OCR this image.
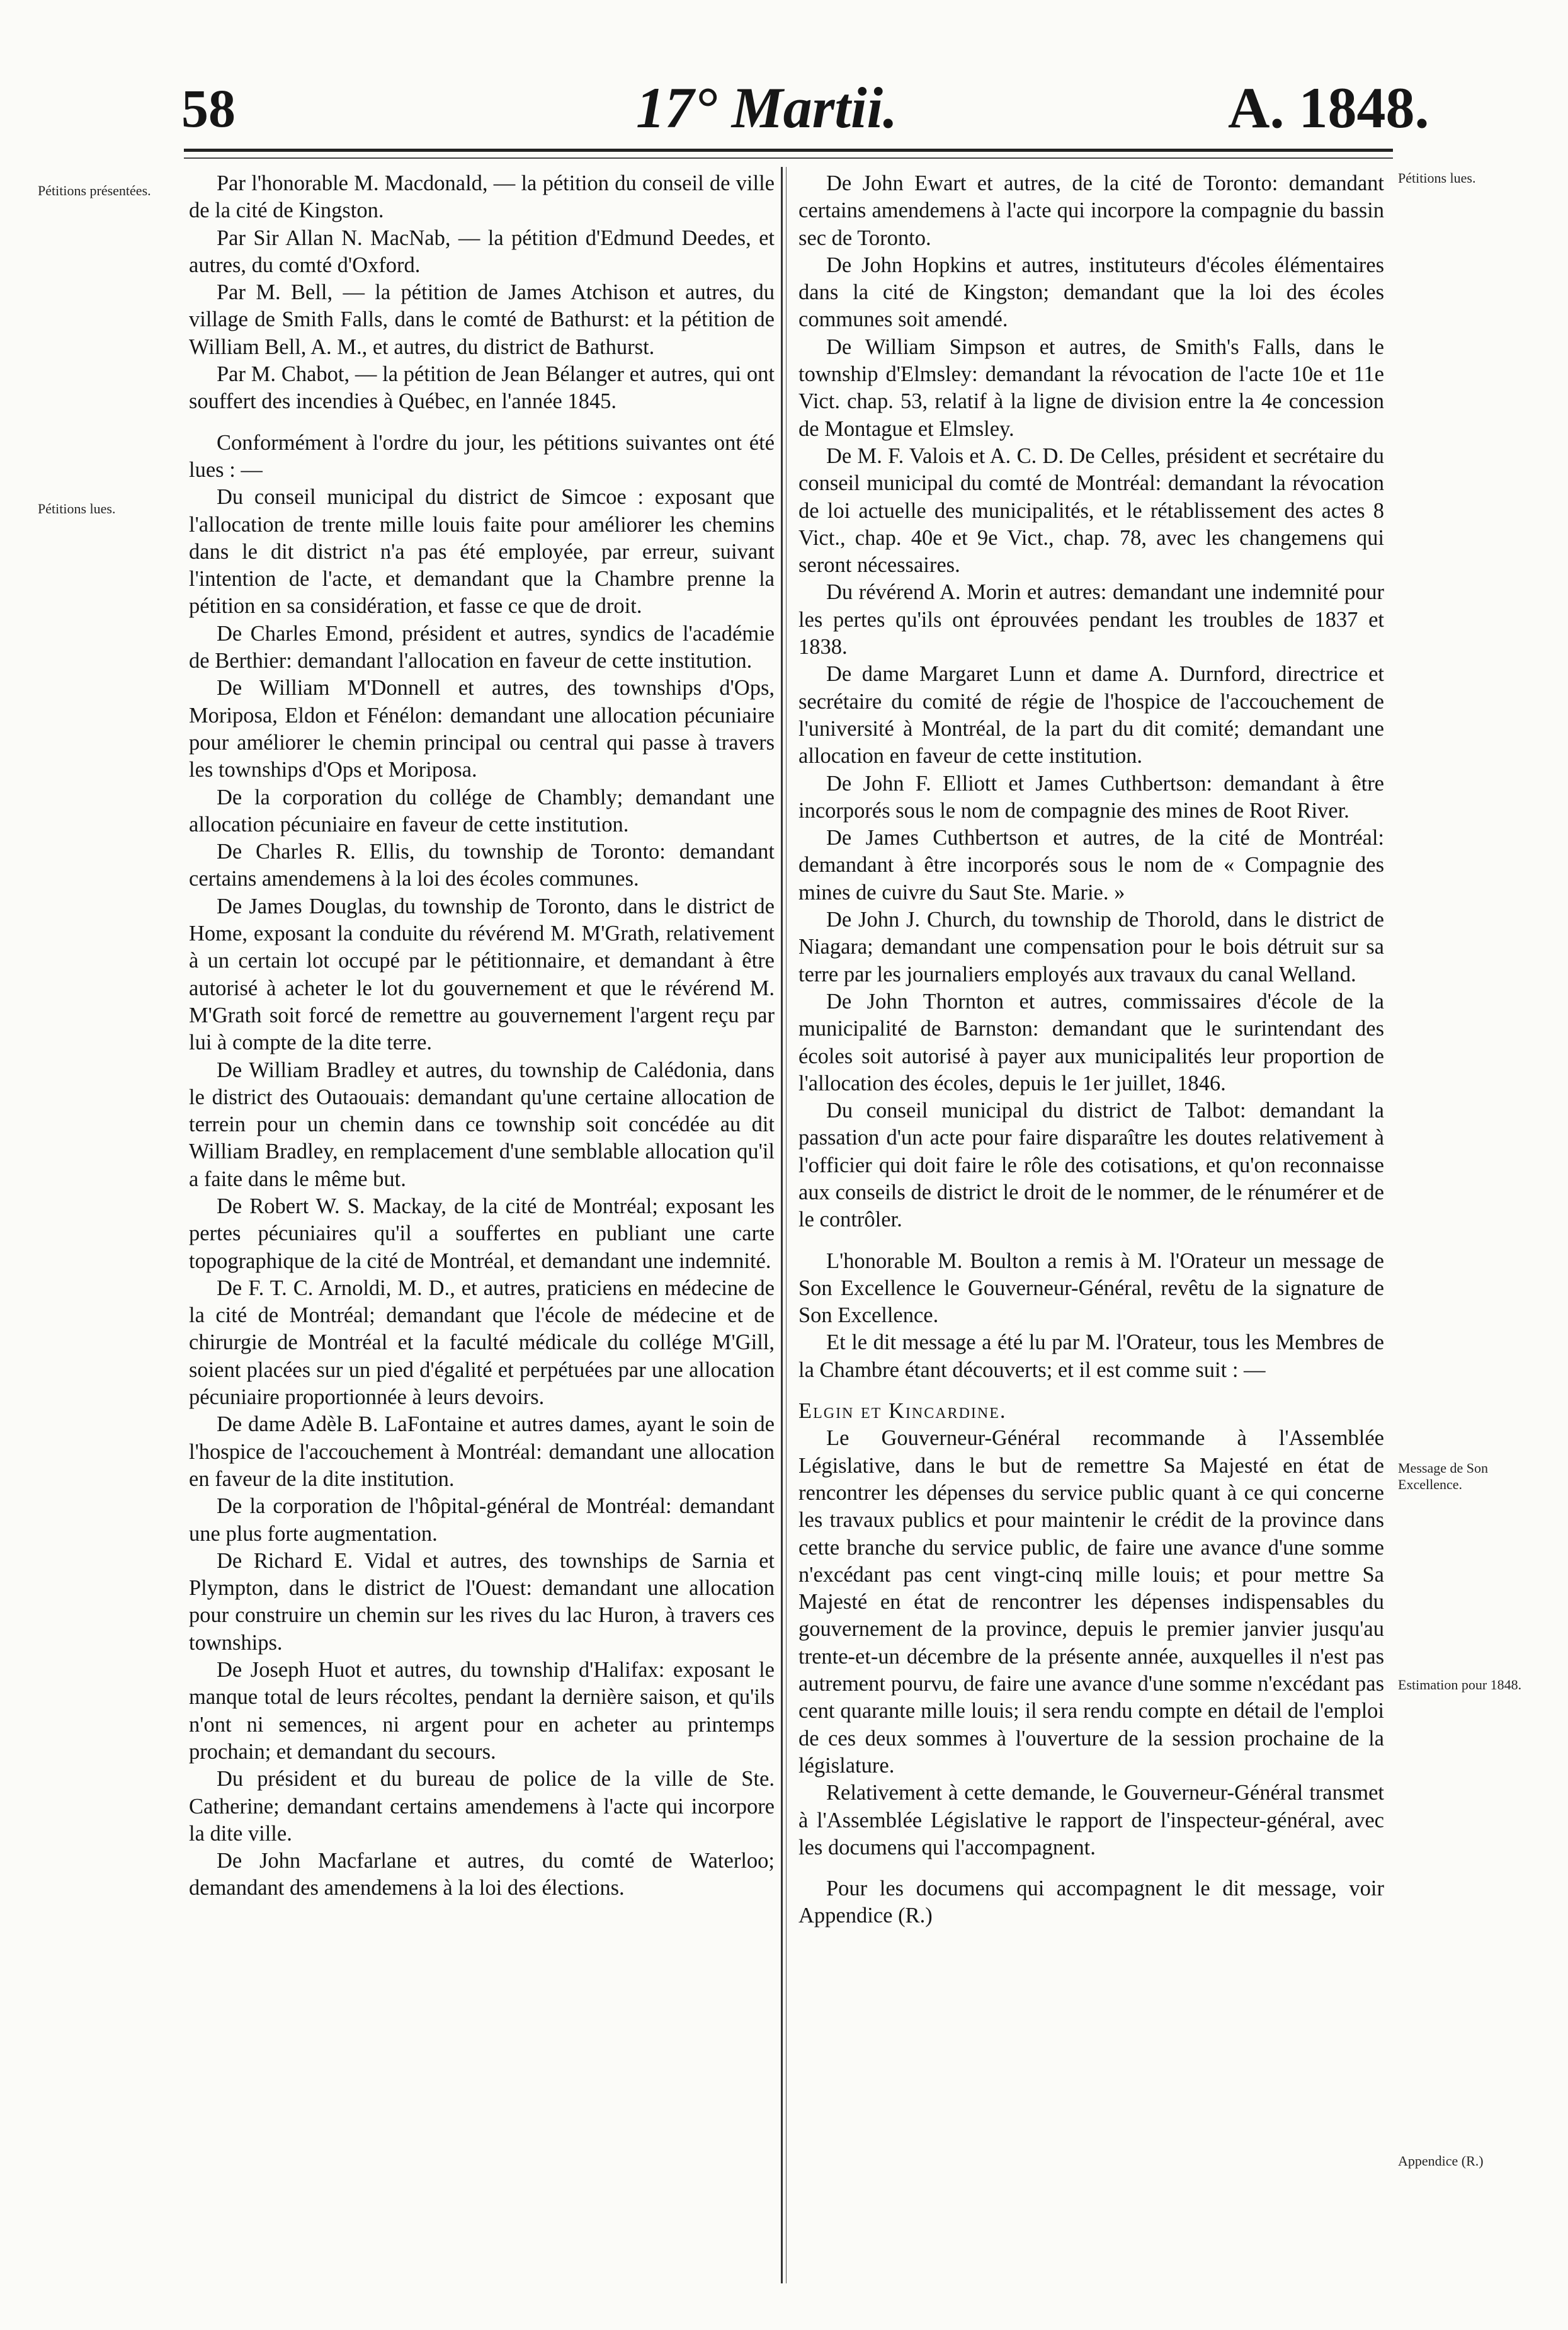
58	17° Martii.	A. 1848.
Pétitions présentées.
Pétitions lues.
Pétitions lues.
Message de Son Excellence.
Estimation pour 1848.
Appendice (R.)

Par l'honorable M. Macdonald, — la pétition du conseil de ville de la cité de Kingston.

Par Sir Allan N. MacNab, — la pétition d'Edmund Deedes, et autres, du comté d'Oxford.

Par M. Bell, — la pétition de James Atchison et autres, du village de Smith Falls, dans le comté de Bathurst: et la pétition de William Bell, A. M., et autres, du district de Bathurst.

Par M. Chabot, — la pétition de Jean Bélanger et autres, qui ont souffert des incendies à Québec, en l'année 1845.

Conformément à l'ordre du jour, les pétitions suivantes ont été lues : —

Du conseil municipal du district de Simcoe : exposant que l'allocation de trente mille louis faite pour améliorer les chemins dans le dit district n'a pas été employée, par erreur, suivant l'intention de l'acte, et demandant que la Chambre prenne la pétition en sa considération, et fasse ce que de droit.

De Charles Emond, président et autres, syndics de l'académie de Berthier: demandant l'allocation en faveur de cette institution.

De William M'Donnell et autres, des townships d'Ops, Moriposa, Eldon et Fénélon: demandant une allocation pécuniaire pour améliorer le chemin principal ou central qui passe à travers les townships d'Ops et Moriposa.

De la corporation du collége de Chambly; demandant une allocation pécuniaire en faveur de cette institution.

De Charles R. Ellis, du township de Toronto: demandant certains amendemens à la loi des écoles communes.

De James Douglas, du township de Toronto, dans le district de Home, exposant la conduite du révérend M. M'Grath, relativement à un certain lot occupé par le pétitionnaire, et demandant à être autorisé à acheter le lot du gouvernement et que le révérend M. M'Grath soit forcé de remettre au gouvernement l'argent reçu par lui à compte de la dite terre.

De William Bradley et autres, du township de Calédonia, dans le district des Outaouais: demandant qu'une certaine allocation de terrein pour un chemin dans ce township soit concédée au dit William Bradley, en remplacement d'une semblable allocation qu'il a faite dans le même but.

De Robert W. S. Mackay, de la cité de Montréal; exposant les pertes pécuniaires qu'il a souffertes en publiant une carte topographique de la cité de Montréal, et demandant une indemnité.

De F. T. C. Arnoldi, M. D., et autres, praticiens en médecine de la cité de Montréal; demandant que l'école de médecine et de chirurgie de Montréal et la faculté médicale du collége M'Gill, soient placées sur un pied d'égalité et perpétuées par une allocation pécuniaire proportionnée à leurs devoirs.

De dame Adèle B. LaFontaine et autres dames, ayant le soin de l'hospice de l'accouchement à Montréal: demandant une allocation en faveur de la dite institution.

De la corporation de l'hôpital-général de Montréal: demandant une plus forte augmentation.

De Richard E. Vidal et autres, des townships de Sarnia et Plympton, dans le district de l'Ouest: demandant une allocation pour construire un chemin sur les rives du lac Huron, à travers ces townships.

De Joseph Huot et autres, du township d'Halifax: exposant le manque total de leurs récoltes, pendant la dernière saison, et qu'ils n'ont ni semences, ni argent pour en acheter au printemps prochain; et demandant du secours.

Du président et du bureau de police de la ville de Ste. Catherine; demandant certains amendemens à l'acte qui incorpore la dite ville.

De John Macfarlane et autres, du comté de Waterloo; demandant des amendemens à la loi des élections.

De John Ewart et autres, de la cité de Toronto: demandant certains amendemens à l'acte qui incorpore la compagnie du bassin sec de Toronto.

De John Hopkins et autres, instituteurs d'écoles élémentaires dans la cité de Kingston; demandant que la loi des écoles communes soit amendé.

De William Simpson et autres, de Smith's Falls, dans le township d'Elmsley: demandant la révocation de l'acte 10e et 11e Vict. chap. 53, relatif à la ligne de division entre la 4e concession de Montague et Elmsley.

De M. F. Valois et A. C. D. De Celles, président et secrétaire du conseil municipal du comté de Montréal: demandant la révocation de loi actuelle des municipalités, et le rétablissement des actes 8 Vict., chap. 40e et 9e Vict., chap. 78, avec les changemens qui seront nécessaires.

Du révérend A. Morin et autres: demandant une indemnité pour les pertes qu'ils ont éprouvées pendant les troubles de 1837 et 1838.

De dame Margaret Lunn et dame A. Durnford, directrice et secrétaire du comité de régie de l'hospice de l'accouchement de l'université à Montréal, de la part du dit comité; demandant une allocation en faveur de cette institution.

De John F. Elliott et James Cuthbertson: demandant à être incorporés sous le nom de compagnie des mines de Root River.

De James Cuthbertson et autres, de la cité de Montréal: demandant à être incorporés sous le nom de « Compagnie des mines de cuivre du Saut Ste. Marie. »

De John J. Church, du township de Thorold, dans le district de Niagara; demandant une compensation pour le bois détruit sur sa terre par les journaliers employés aux travaux du canal Welland.

De John Thornton et autres, commissaires d'école de la municipalité de Barnston: demandant que le surintendant des écoles soit autorisé à payer aux municipalités leur proportion de l'allocation des écoles, depuis le 1er juillet, 1846.

Du conseil municipal du district de Talbot: demandant la passation d'un acte pour faire disparaître les doutes relativement à l'officier qui doit faire le rôle des cotisations, et qu'on reconnaisse aux conseils de district le droit de le nommer, de le rénumérer et de le contrôler.

L'honorable M. Boulton a remis à M. l'Orateur un message de Son Excellence le Gouverneur-Général, revêtu de la signature de Son Excellence.

Et le dit message a été lu par M. l'Orateur, tous les Membres de la Chambre étant découverts; et il est comme suit : —

Elgin et Kincardine.

Le Gouverneur-Général recommande à l'Assemblée Législative, dans le but de remettre Sa Majesté en état de rencontrer les dépenses du service public quant à ce qui concerne les travaux publics et pour maintenir le crédit de la province dans cette branche du service public, de faire une avance d'une somme n'excédant pas cent vingt-cinq mille louis; et pour mettre Sa Majesté en état de rencontrer les dépenses indispensables du gouvernement de la province, depuis le premier janvier jusqu'au trente-et-un décembre de la présente année, auxquelles il n'est pas autrement pourvu, de faire une avance d'une somme n'excédant pas cent quarante mille louis; il sera rendu compte en détail de l'emploi de ces deux sommes à l'ouverture de la session prochaine de la législature.

Relativement à cette demande, le Gouverneur-Général transmet à l'Assemblée Législative le rapport de l'inspecteur-général, avec les documens qui l'accompagnent.

Pour les documens qui accompagnent le dit message, voir Appendice (R.)
